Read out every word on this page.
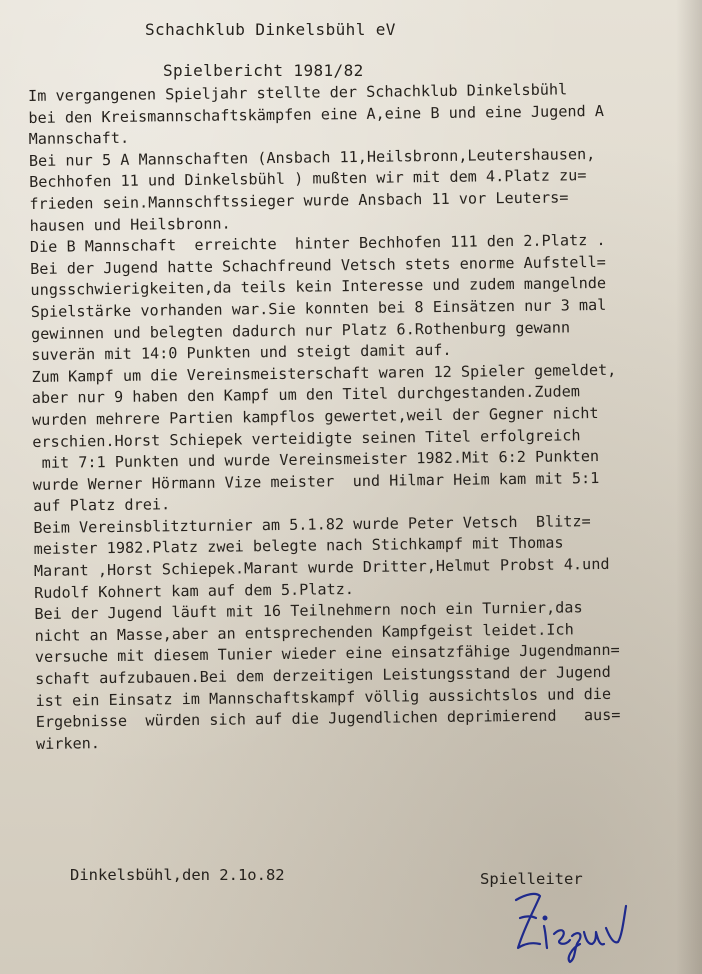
Schachklub Dinkelsbühl eV
Spielbericht 1981/82
Im vergangenen Spieljahr stellte der Schachklub Dinkelsbühl
bei den Kreismannschaftskämpfen eine A,eine B und eine Jugend A
Mannschaft.
Bei nur 5 A Mannschaften (Ansbach 11,Heilsbronn,Leutershausen,
Bechhofen 11 und Dinkelsbühl ) mußten wir mit dem 4.Platz zu=
frieden sein.Mannschftssieger wurde Ansbach 11 vor Leuters=
hausen und Heilsbronn.
Die B Mannschaft  erreichte  hinter Bechhofen 111 den 2.Platz .
Bei der Jugend hatte Schachfreund Vetsch stets enorme Aufstell=
ungsschwierigkeiten,da teils kein Interesse und zudem mangelnde
Spielstärke vorhanden war.Sie konnten bei 8 Einsätzen nur 3 mal
gewinnen und belegten dadurch nur Platz 6.Rothenburg gewann
suverän mit 14:0 Punkten und steigt damit auf.
Zum Kampf um die Vereinsmeisterschaft waren 12 Spieler gemeldet,
aber nur 9 haben den Kampf um den Titel durchgestanden.Zudem
wurden mehrere Partien kampflos gewertet,weil der Gegner nicht
erschien.Horst Schiepek verteidigte seinen Titel erfolgreich
mit 7:1 Punkten und wurde Vereinsmeister 1982.Mit 6:2 Punkten
wurde Werner Hörmann Vize meister  und Hilmar Heim kam mit 5:1
auf Platz drei.
Beim Vereinsblitzturnier am 5.1.82 wurde Peter Vetsch  Blitz=
meister 1982.Platz zwei belegte nach Stichkampf mit Thomas
Marant ,Horst Schiepek.Marant wurde Dritter,Helmut Probst 4.und
Rudolf Kohnert kam auf dem 5.Platz.
Bei der Jugend läuft mit 16 Teilnehmern noch ein Turnier,das
nicht an Masse,aber an entsprechenden Kampfgeist leidet.Ich
versuche mit diesem Tunier wieder eine einsatzfähige Jugendmann=
schaft aufzubauen.Bei dem derzeitigen Leistungsstand der Jugend
ist ein Einsatz im Mannschaftskampf völlig aussichtslos und die
Ergebnisse  würden sich auf die Jugendlichen deprimierend   aus=
wirken.
Dinkelsbühl,den 2.1o.82	Spielleiter
